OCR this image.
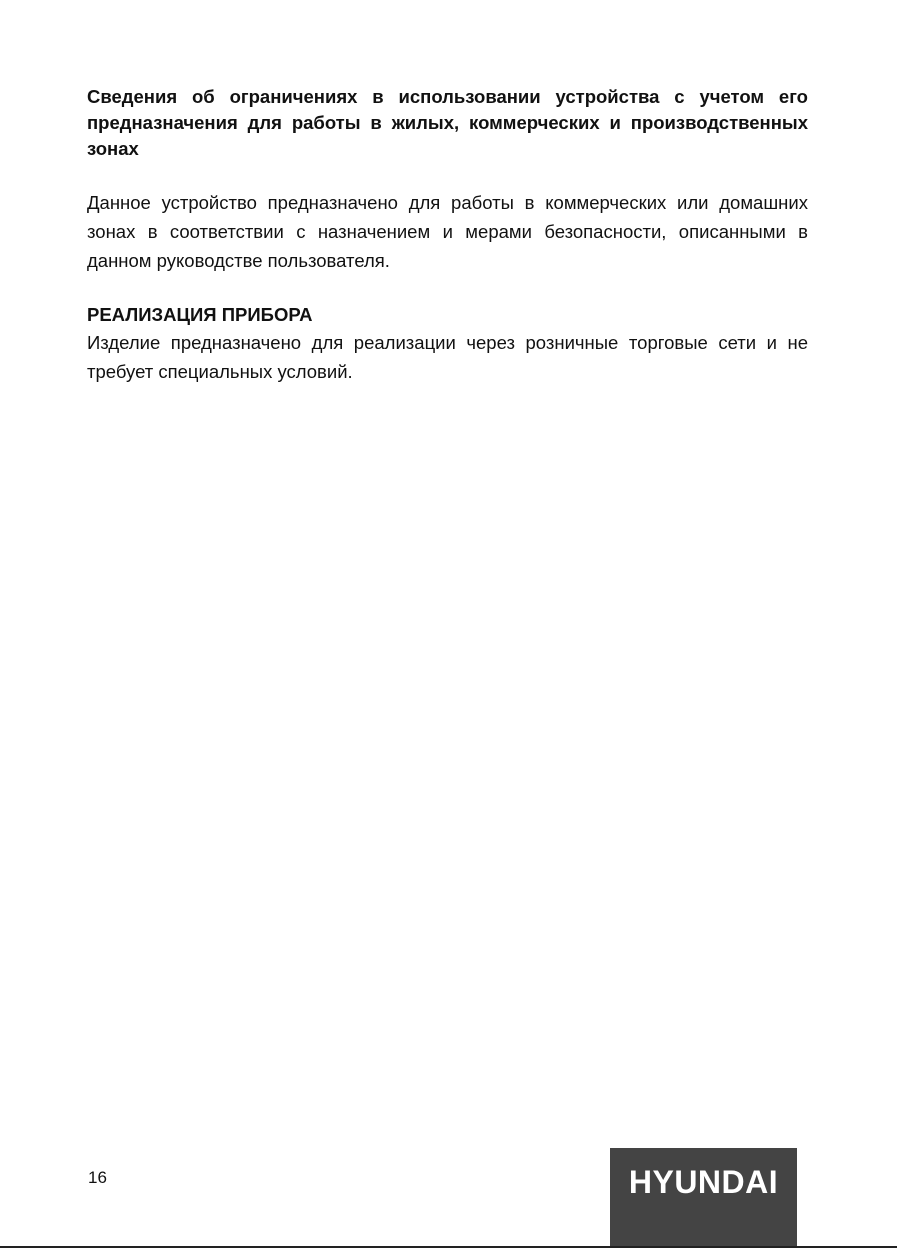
Сведения об ограничениях в использовании устройства с учетом его предназначения для работы в жилых, коммерческих и производственных зонах

Данное устройство предназначено для работы в коммерческих или домашних зонах в соответствии с назначением и мерами безопасности, описанными в данном руководстве пользователя.

РЕАЛИЗАЦИЯ ПРИБОРА

Изделие предназначено для реализации через розничные торговые сети и не требует специальных условий.

16	HYUNDAI
